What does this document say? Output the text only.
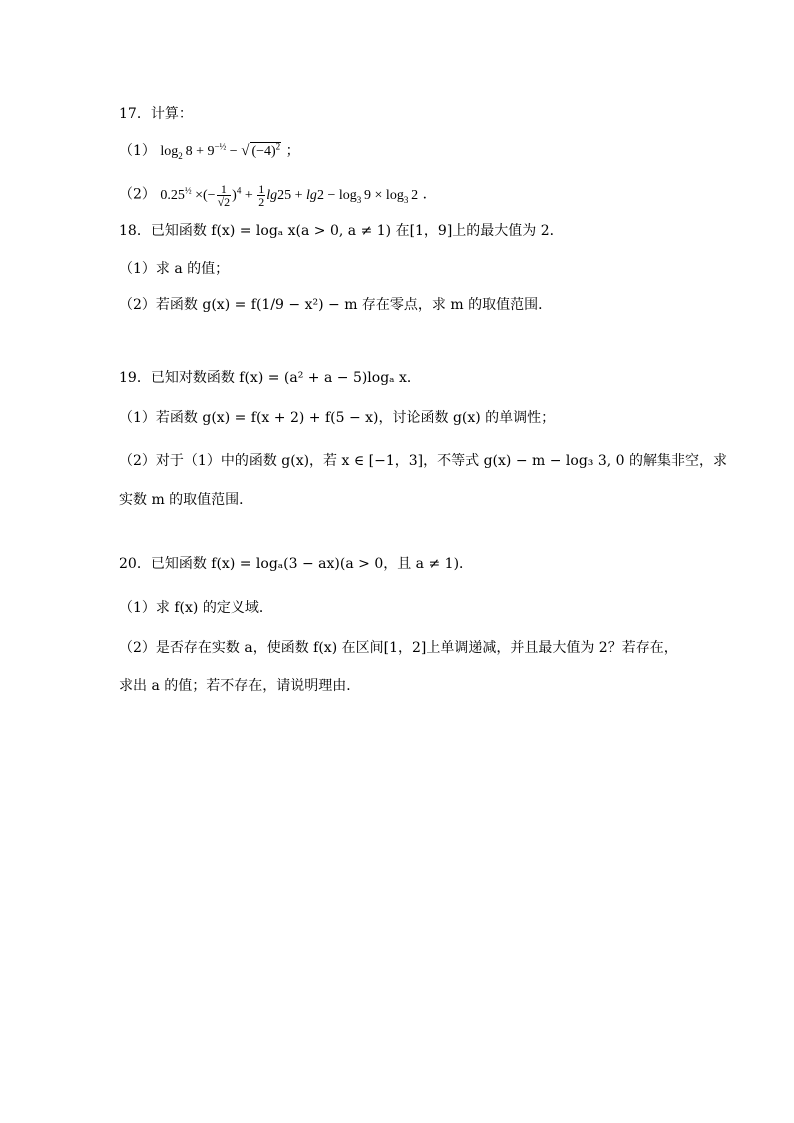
17．计算：
（1） $\log_2 8 + 9^{-\frac{1}{2}}$ − √ $(-4)^2$ ；
（2） $0.25^{\frac{1}{2}}$ ×(− $\frac{1}{√2} )^4 + \frac{1}{2} \lg 25 + \lg 2 - \log_3 9 \times \log_3 2$ ．
18．已知函数 f(x) = logₐ x(a > 0, a ≠ 1) 在[1，9]上的最大值为 2．
（1）求 a 的值；
（2）若函数 g(x) = f(1/9 − x²) − m 存在零点，求 m 的取值范围．
19．已知对数函数 f(x) = (a² + a − 5)logₐ x．
（1）若函数 g(x) = f(x + 2) + f(5 − x)，讨论函数 g(x) 的单调性；
（2）对于（1）中的函数 g(x)，若 x ∈ [−1，3]，不等式 g(x) − m − log₃ 3, 0 的解集非空，求
实数 m 的取值范围．
20．已知函数 f(x) = logₐ(3 − ax)(a > 0，且 a ≠ 1)．
（1）求 f(x) 的定义域．
（2）是否存在实数 a，使函数 f(x) 在区间[1，2]上单调递减，并且最大值为 2？若存在，
求出 a 的值；若不存在，请说明理由．
